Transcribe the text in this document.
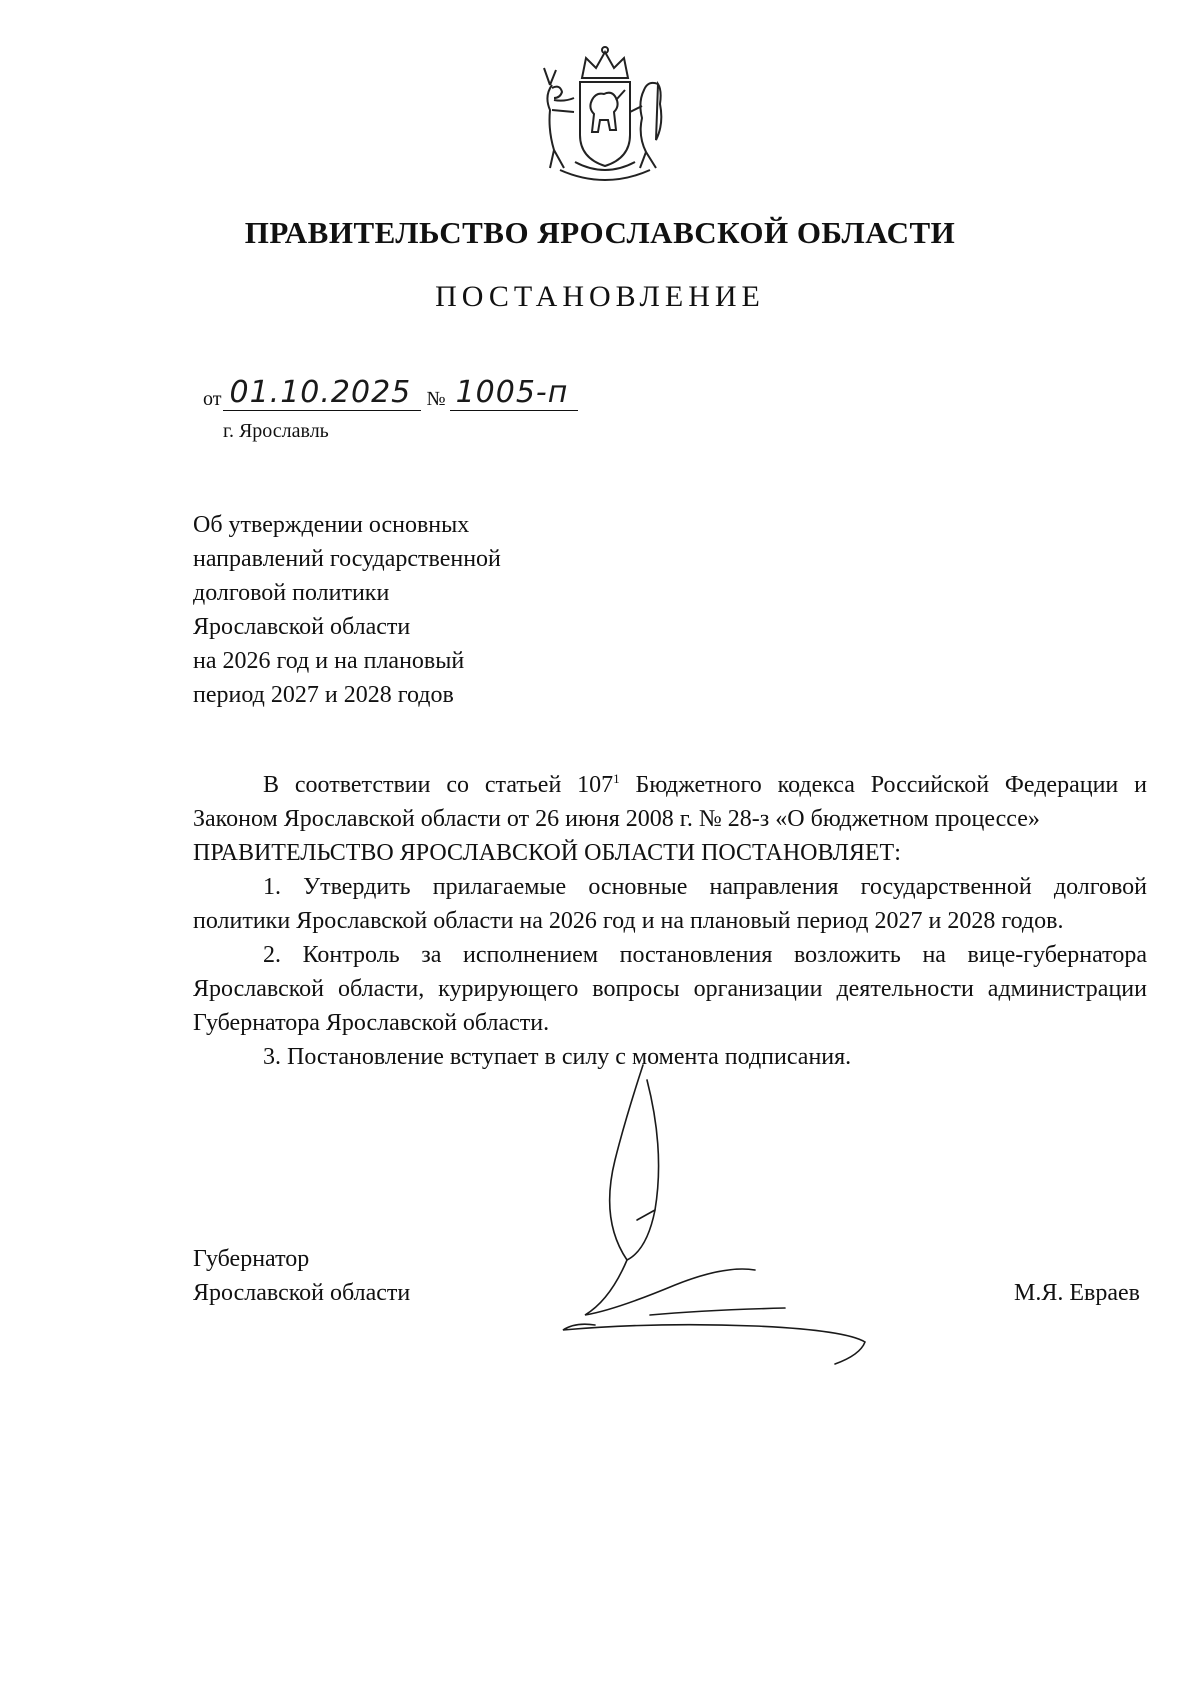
ПРАВИТЕЛЬСТВО ЯРОСЛАВСКОЙ ОБЛАСТИ
ПОСТАНОВЛЕНИЕ
от 01.10.2025 № 1005-п
г. Ярославль
Об утверждении основных
направлений государственной
долговой политики
Ярославской области
на 2026 год и на плановый
период 2027 и 2028 годов

В соответствии со статьей $107^1$ Бюджетного кодекса Российской Федерации и Законом Ярославской области от 26 июня 2008 г. № 28-з «О бюджетном процессе»

ПРАВИТЕЛЬСТВО ЯРОСЛАВСКОЙ ОБЛАСТИ ПОСТАНОВЛЯЕТ:

1. Утвердить прилагаемые основные направления государственной долговой политики Ярославской области на 2026 год и на плановый период 2027 и 2028 годов.

2. Контроль за исполнением постановления возложить на вице-губернатора Ярославской области, курирующего вопросы организации деятельности администрации Губернатора Ярославской области.

3. Постановление вступает в силу с момента подписания.

Губернатор
Ярославской области	М.Я. Евраев
